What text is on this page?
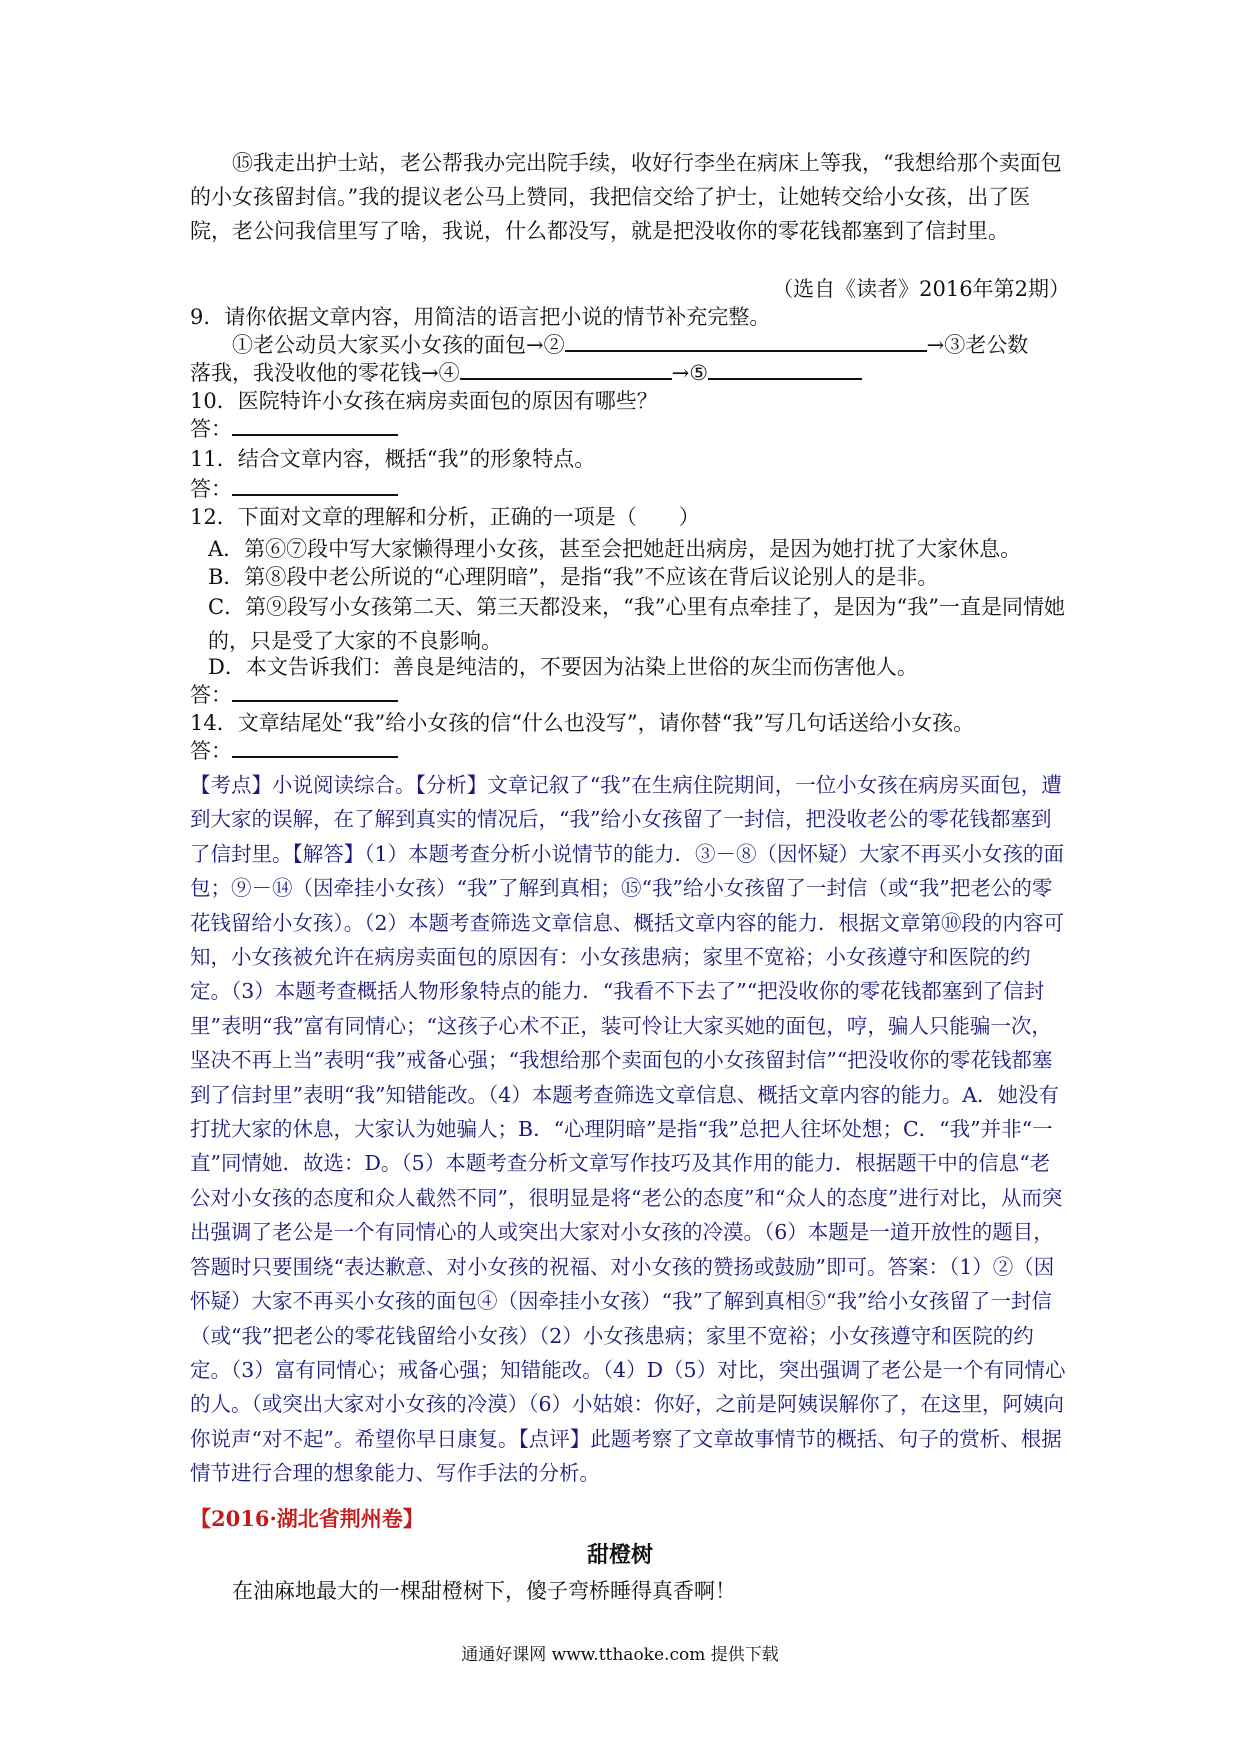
⑮我走出护士站，老公帮我办完出院手续，收好行李坐在病床上等我，“我想给那个卖面包的小女孩留封信。”我的提议老公马上赞同，我把信交给了护士，让她转交给小女孩，出了医院，老公问我信里写了啥，我说，什么都没写，就是把没收你的零花钱都塞到了信封里。

（选自《读者》2016年第2期）

9．请你依据文章内容，用简洁的语言把小说的情节补充完整。

①老公动员大家买小女孩的面包→②	→③老公数

落我，我没收他的零花钱→④	→⑤

10．医院特许小女孩在病房卖面包的原因有哪些？

答：

11．结合文章内容，概括“我”的形象特点。

答：

12．下面对文章的理解和分析，正确的一项是（　　）

A．第⑥⑦段中写大家懒得理小女孩，甚至会把她赶出病房，是因为她打扰了大家休息。

B．第⑧段中老公所说的“心理阴暗”，是指“我”不应该在背后议论别人的是非。

C．第⑨段写小女孩第二天、第三天都没来，“我”心里有点牵挂了，是因为“我”一直是同情她的，只是受了大家的不良影响。

D．本文告诉我们：善良是纯洁的，不要因为沾染上世俗的灰尘而伤害他人。

答：

14．文章结尾处“我”给小女孩的信“什么也没写”，请你替“我”写几句话送给小女孩。

答：

【考点】小说阅读综合。【分析】文章记叙了“我”在生病住院期间，一位小女孩在病房买面包，遭到大家的误解，在了解到真实的情况后，“我”给小女孩留了一封信，把没收老公的零花钱都塞到了信封里。【解答】（1）本题考查分析小说情节的能力．③－⑧（因怀疑）大家不再买小女孩的面包；⑨－⑭（因牵挂小女孩）“我”了解到真相；⑮“我”给小女孩留了一封信（或“我”把老公的零花钱留给小女孩）。（2）本题考查筛选文章信息、概括文章内容的能力．根据文章第⑩段的内容可知，小女孩被允许在病房卖面包的原因有：小女孩患病；家里不宽裕；小女孩遵守和医院的约定。（3）本题考查概括人物形象特点的能力．“我看不下去了”“把没收你的零花钱都塞到了信封里”表明“我”富有同情心；“这孩子心术不正，装可怜让大家买她的面包，哼，骗人只能骗一次，坚决不再上当”表明“我”戒备心强；“我想给那个卖面包的小女孩留封信”“把没收你的零花钱都塞到了信封里”表明“我”知错能改。（4）本题考查筛选文章信息、概括文章内容的能力。A．她没有打扰大家的休息，大家认为她骗人；B．“心理阴暗”是指“我”总把人往坏处想；C．“我”并非“一直”同情她．故选：D。（5）本题考查分析文章写作技巧及其作用的能力．根据题干中的信息“老公对小女孩的态度和众人截然不同”，很明显是将“老公的态度”和“众人的态度”进行对比，从而突出强调了老公是一个有同情心的人或突出大家对小女孩的冷漠。（6）本题是一道开放性的题目，答题时只要围绕“表达歉意、对小女孩的祝福、对小女孩的赞扬或鼓励”即可。答案：（1）②（因怀疑）大家不再买小女孩的面包④（因牵挂小女孩）“我”了解到真相⑤“我”给小女孩留了一封信（或“我”把老公的零花钱留给小女孩）（2）小女孩患病；家里不宽裕；小女孩遵守和医院的约定。（3）富有同情心；戒备心强；知错能改。（4）D（5）对比，突出强调了老公是一个有同情心的人。（或突出大家对小女孩的冷漠）（6）小姑娘：你好，之前是阿姨误解你了，在这里，阿姨向你说声“对不起”。希望你早日康复。【点评】此题考察了文章故事情节的概括、句子的赏析、根据情节进行合理的想象能力、写作手法的分析。

【2016·湖北省荆州卷】

甜橙树

在油麻地最大的一棵甜橙树下，傻子弯桥睡得真香啊！

通通好课网 www.tthaoke.com 提供下载
